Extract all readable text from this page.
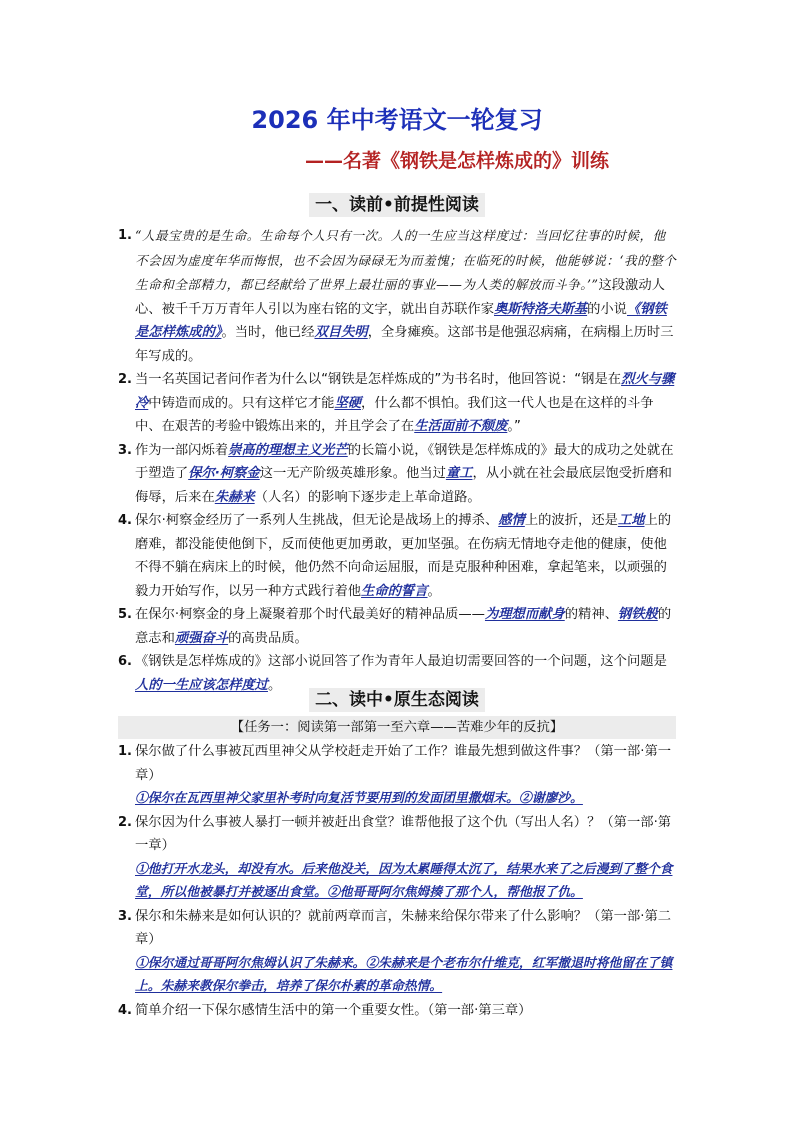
2026 年中考语文一轮复习
——名著《钢铁是怎样炼成的》训练
一、读前•前提性阅读
1. “人最宝贵的是生命。生命每个人只有一次。人的一生应当这样度过：当回忆往事的时候，他不会因为虚度年华而悔恨，也不会因为碌碌无为而羞愧；在临死的时候，他能够说：‘我的整个生命和全部精力，都已经献给了世界上最壮丽的事业——为人类的解放而斗争。’”这段激动人心、被千千万万青年人引以为座右铭的文字，就出自苏联作家奥斯特洛夫斯基的小说《钢铁是怎样炼成的》。当时，他已经双目失明，全身瘫痪。这部书是他强忍病痛，在病榻上历时三年写成的。
2. 当一名英国记者问作者为什么以“钢铁是怎样炼成的”为书名时，他回答说：“钢是在烈火与骤冷中铸造而成的。只有这样它才能坚硬，什么都不惧怕。我们这一代人也是在这样的斗争中、在艰苦的考验中锻炼出来的，并且学会了在生活面前不颓废。”
3. 作为一部闪烁着崇高的理想主义光芒的长篇小说，《钢铁是怎样炼成的》最大的成功之处就在于塑造了保尔·柯察金这一无产阶级英雄形象。他当过童工，从小就在社会最底层饱受折磨和侮辱，后来在朱赫来（人名）的影响下逐步走上革命道路。
4. 保尔·柯察金经历了一系列人生挑战，但无论是战场上的搏杀、感情上的波折，还是工地上的磨难，都没能使他倒下，反而使他更加勇敢，更加坚强。在伤病无情地夺走他的健康，使他不得不躺在病床上的时候，他仍然不向命运屈服，而是克服种种困难，拿起笔来，以顽强的毅力开始写作，以另一种方式践行着他生命的誓言。
5. 在保尔·柯察金的身上凝聚着那个时代最美好的精神品质——为理想而献身的精神、钢铁般的意志和顽强奋斗的高贵品质。
6. 《钢铁是怎样炼成的》这部小说回答了作为青年人最迫切需要回答的一个问题，这个问题是人的一生应该怎样度过。
二、读中•原生态阅读
【任务一：阅读第一部第一至六章——苦难少年的反抗】
1. 保尔做了什么事被瓦西里神父从学校赶走开始了工作？谁最先想到做这件事？（第一部·第一章）
①保尔在瓦西里神父家里补考时向复活节要用到的发面团里撒烟末。②谢廖沙。
2. 保尔因为什么事被人暴打一顿并被赶出食堂？谁帮他报了这个仇（写出人名）？（第一部·第一章）
①他打开水龙头，却没有水。后来他没关，因为太累睡得太沉了，结果水来了之后漫到了整个食堂，所以他被暴打并被逐出食堂。②他哥哥阿尔焦姆揍了那个人，帮他报了仇。
3. 保尔和朱赫来是如何认识的？就前两章而言，朱赫来给保尔带来了什么影响？（第一部·第二章）
①保尔通过哥哥阿尔焦姆认识了朱赫来。②朱赫来是个老布尔什维克，红军撤退时将他留在了镇上。朱赫来教保尔拳击，培养了保尔朴素的革命热情。
4. 简单介绍一下保尔感情生活中的第一个重要女性。（第一部·第三章）
